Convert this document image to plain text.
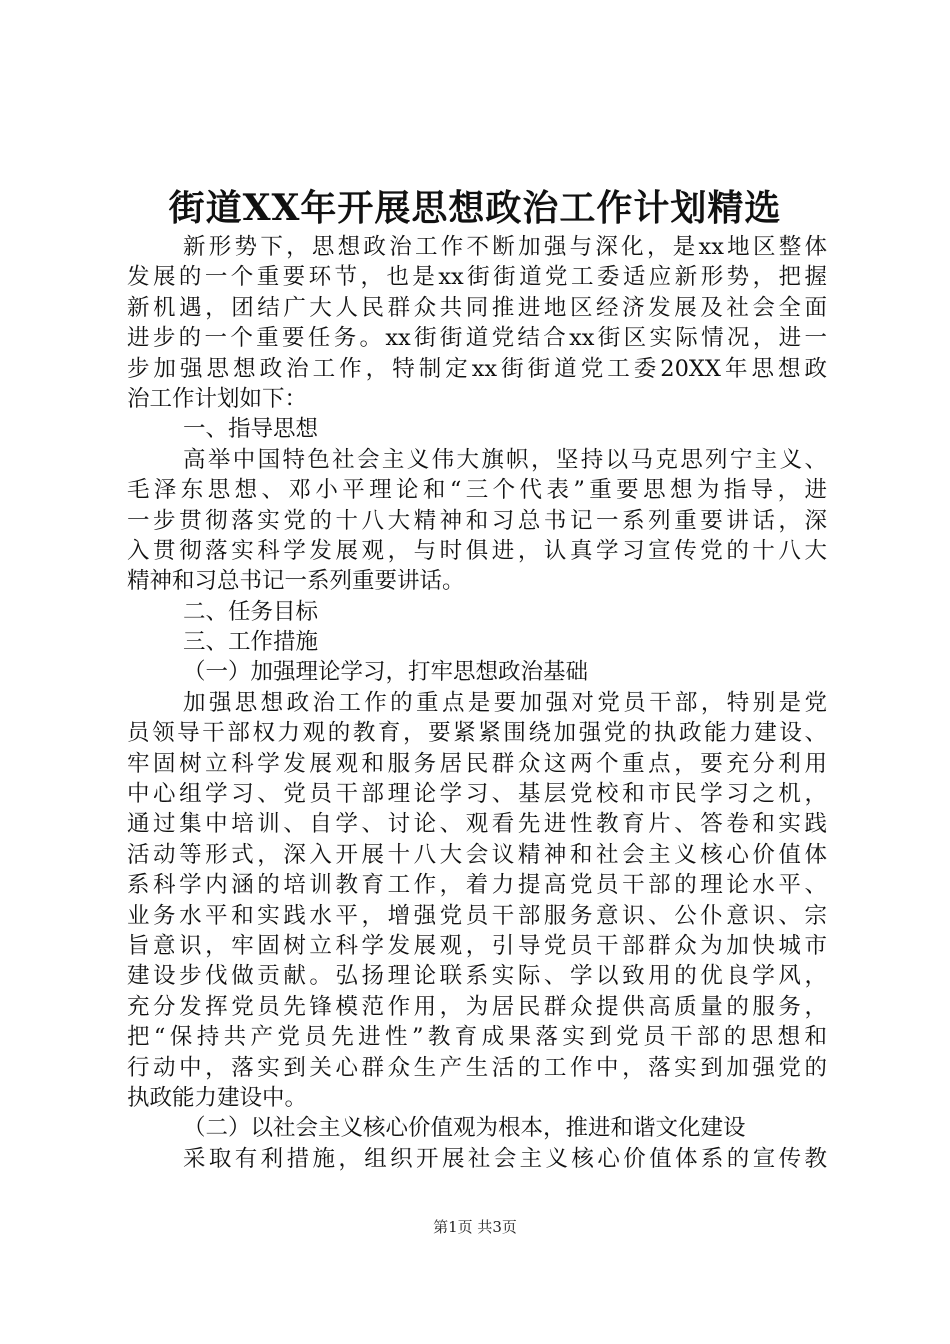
街道XX年开展思想政治工作计划精选
新形势下，思想政治工作不断加强与深化，是xx地区整体
发展的一个重要环节，也是xx街街道党工委适应新形势，把握
新机遇，团结广大人民群众共同推进地区经济发展及社会全面
进步的一个重要任务。xx街街道党结合xx街区实际情况，进一
步加强思想政治工作，特制定xx街街道党工委20XX年思想政
治工作计划如下：
一、指导思想
高举中国特色社会主义伟大旗帜，坚持以马克思列宁主义、
毛泽东思想、邓小平理论和“三个代表”重要思想为指导，进
一步贯彻落实党的十八大精神和习总书记一系列重要讲话，深
入贯彻落实科学发展观，与时俱进，认真学习宣传党的十八大
精神和习总书记一系列重要讲话。
二、任务目标
三、工作措施
（一）加强理论学习，打牢思想政治基础
加强思想政治工作的重点是要加强对党员干部，特别是党
员领导干部权力观的教育，要紧紧围绕加强党的执政能力建设、
牢固树立科学发展观和服务居民群众这两个重点，要充分利用
中心组学习、党员干部理论学习、基层党校和市民学习之机，
通过集中培训、自学、讨论、观看先进性教育片、答卷和实践
活动等形式，深入开展十八大会议精神和社会主义核心价值体
系科学内涵的培训教育工作，着力提高党员干部的理论水平、
业务水平和实践水平，增强党员干部服务意识、公仆意识、宗
旨意识，牢固树立科学发展观，引导党员干部群众为加快城市
建设步伐做贡献。弘扬理论联系实际、学以致用的优良学风，
充分发挥党员先锋模范作用，为居民群众提供高质量的服务，
把“保持共产党员先进性”教育成果落实到党员干部的思想和
行动中，落实到关心群众生产生活的工作中，落实到加强党的
执政能力建设中。
（二）以社会主义核心价值观为根本，推进和谐文化建设
采取有利措施，组织开展社会主义核心价值体系的宣传教
第1页 共3页
